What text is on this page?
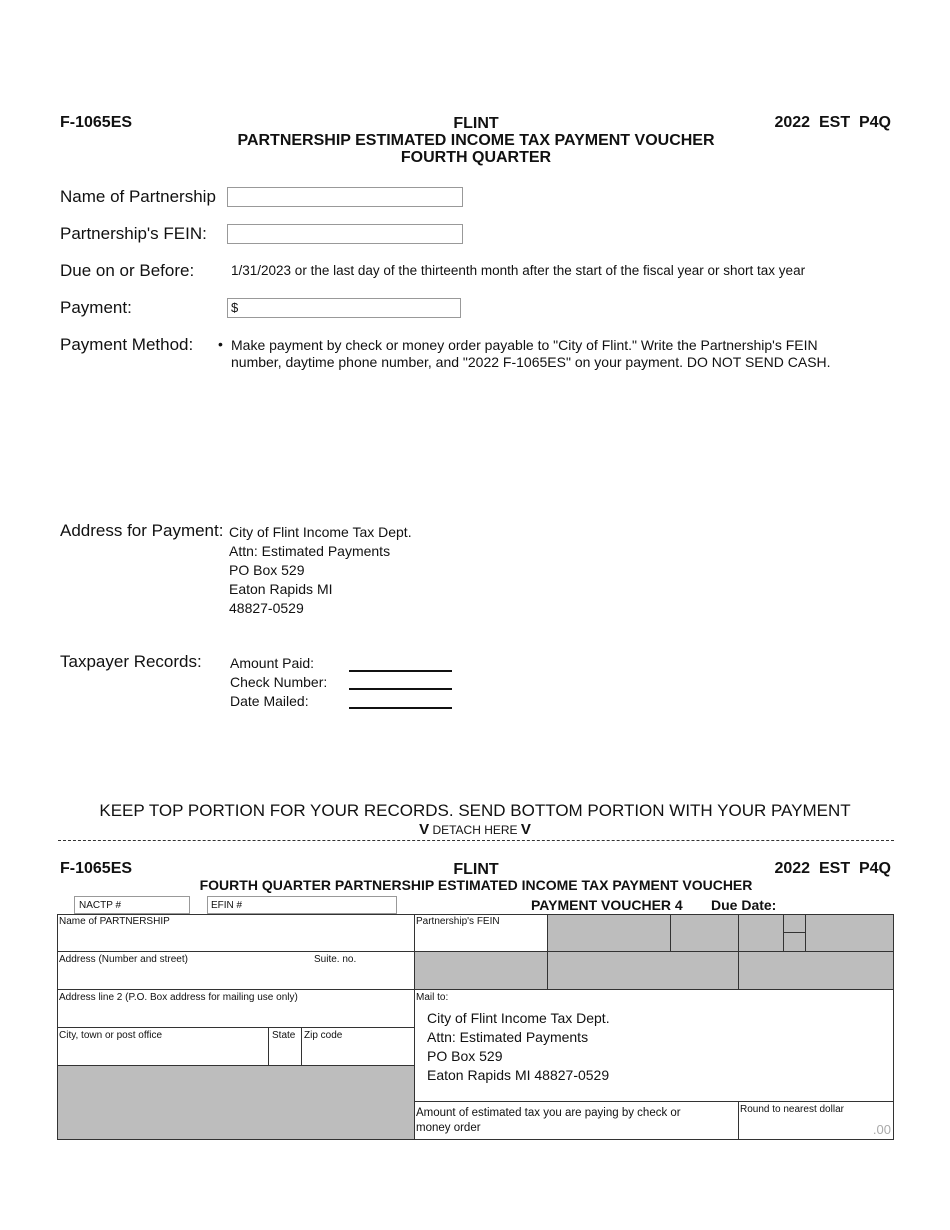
F-1065ES	FLINT
PARTNERSHIP ESTIMATED INCOME TAX PAYMENT VOUCHER
FOURTH QUARTER
2022  EST  P4Q
Name of Partnership
Partnership's FEIN:
Due on or Before:	1/31/2023 or the last day of the thirteenth month after the start of the fiscal year or short tax year
Payment:	$
Payment Method: • Make payment by check or money order payable to "City of Flint." Write the Partnership's FEIN
number, daytime phone number, and "2022 F-1065ES" on your payment. DO NOT SEND CASH.
Address for Payment: City of Flint Income Tax Dept.
Attn: Estimated Payments
PO Box 529
Eaton Rapids MI
48827-0529
Taxpayer Records: Amount Paid:
Check Number:
Date Mailed:
KEEP TOP PORTION FOR YOUR RECORDS. SEND BOTTOM PORTION WITH YOUR PAYMENT
V DETACH HERE V
F-1065ES	FLINT
FOURTH QUARTER PARTNERSHIP ESTIMATED INCOME TAX PAYMENT VOUCHER
2022  EST  P4Q
NACTP #	EFIN #	PAYMENT VOUCHER 4 Due Date:
Name of PARTNERSHIP
Address (Number and street)	Suite. no.
Address line 2 (P.O. Box address for mailing use only)
City, town or post office	State Zip code
Partnership's FEIN
Mail to:
City of Flint Income Tax Dept.
Attn: Estimated Payments
PO Box 529
Eaton Rapids MI 48827-0529
Amount of estimated tax you are paying by check or
money order
Round to nearest dollar
.00
